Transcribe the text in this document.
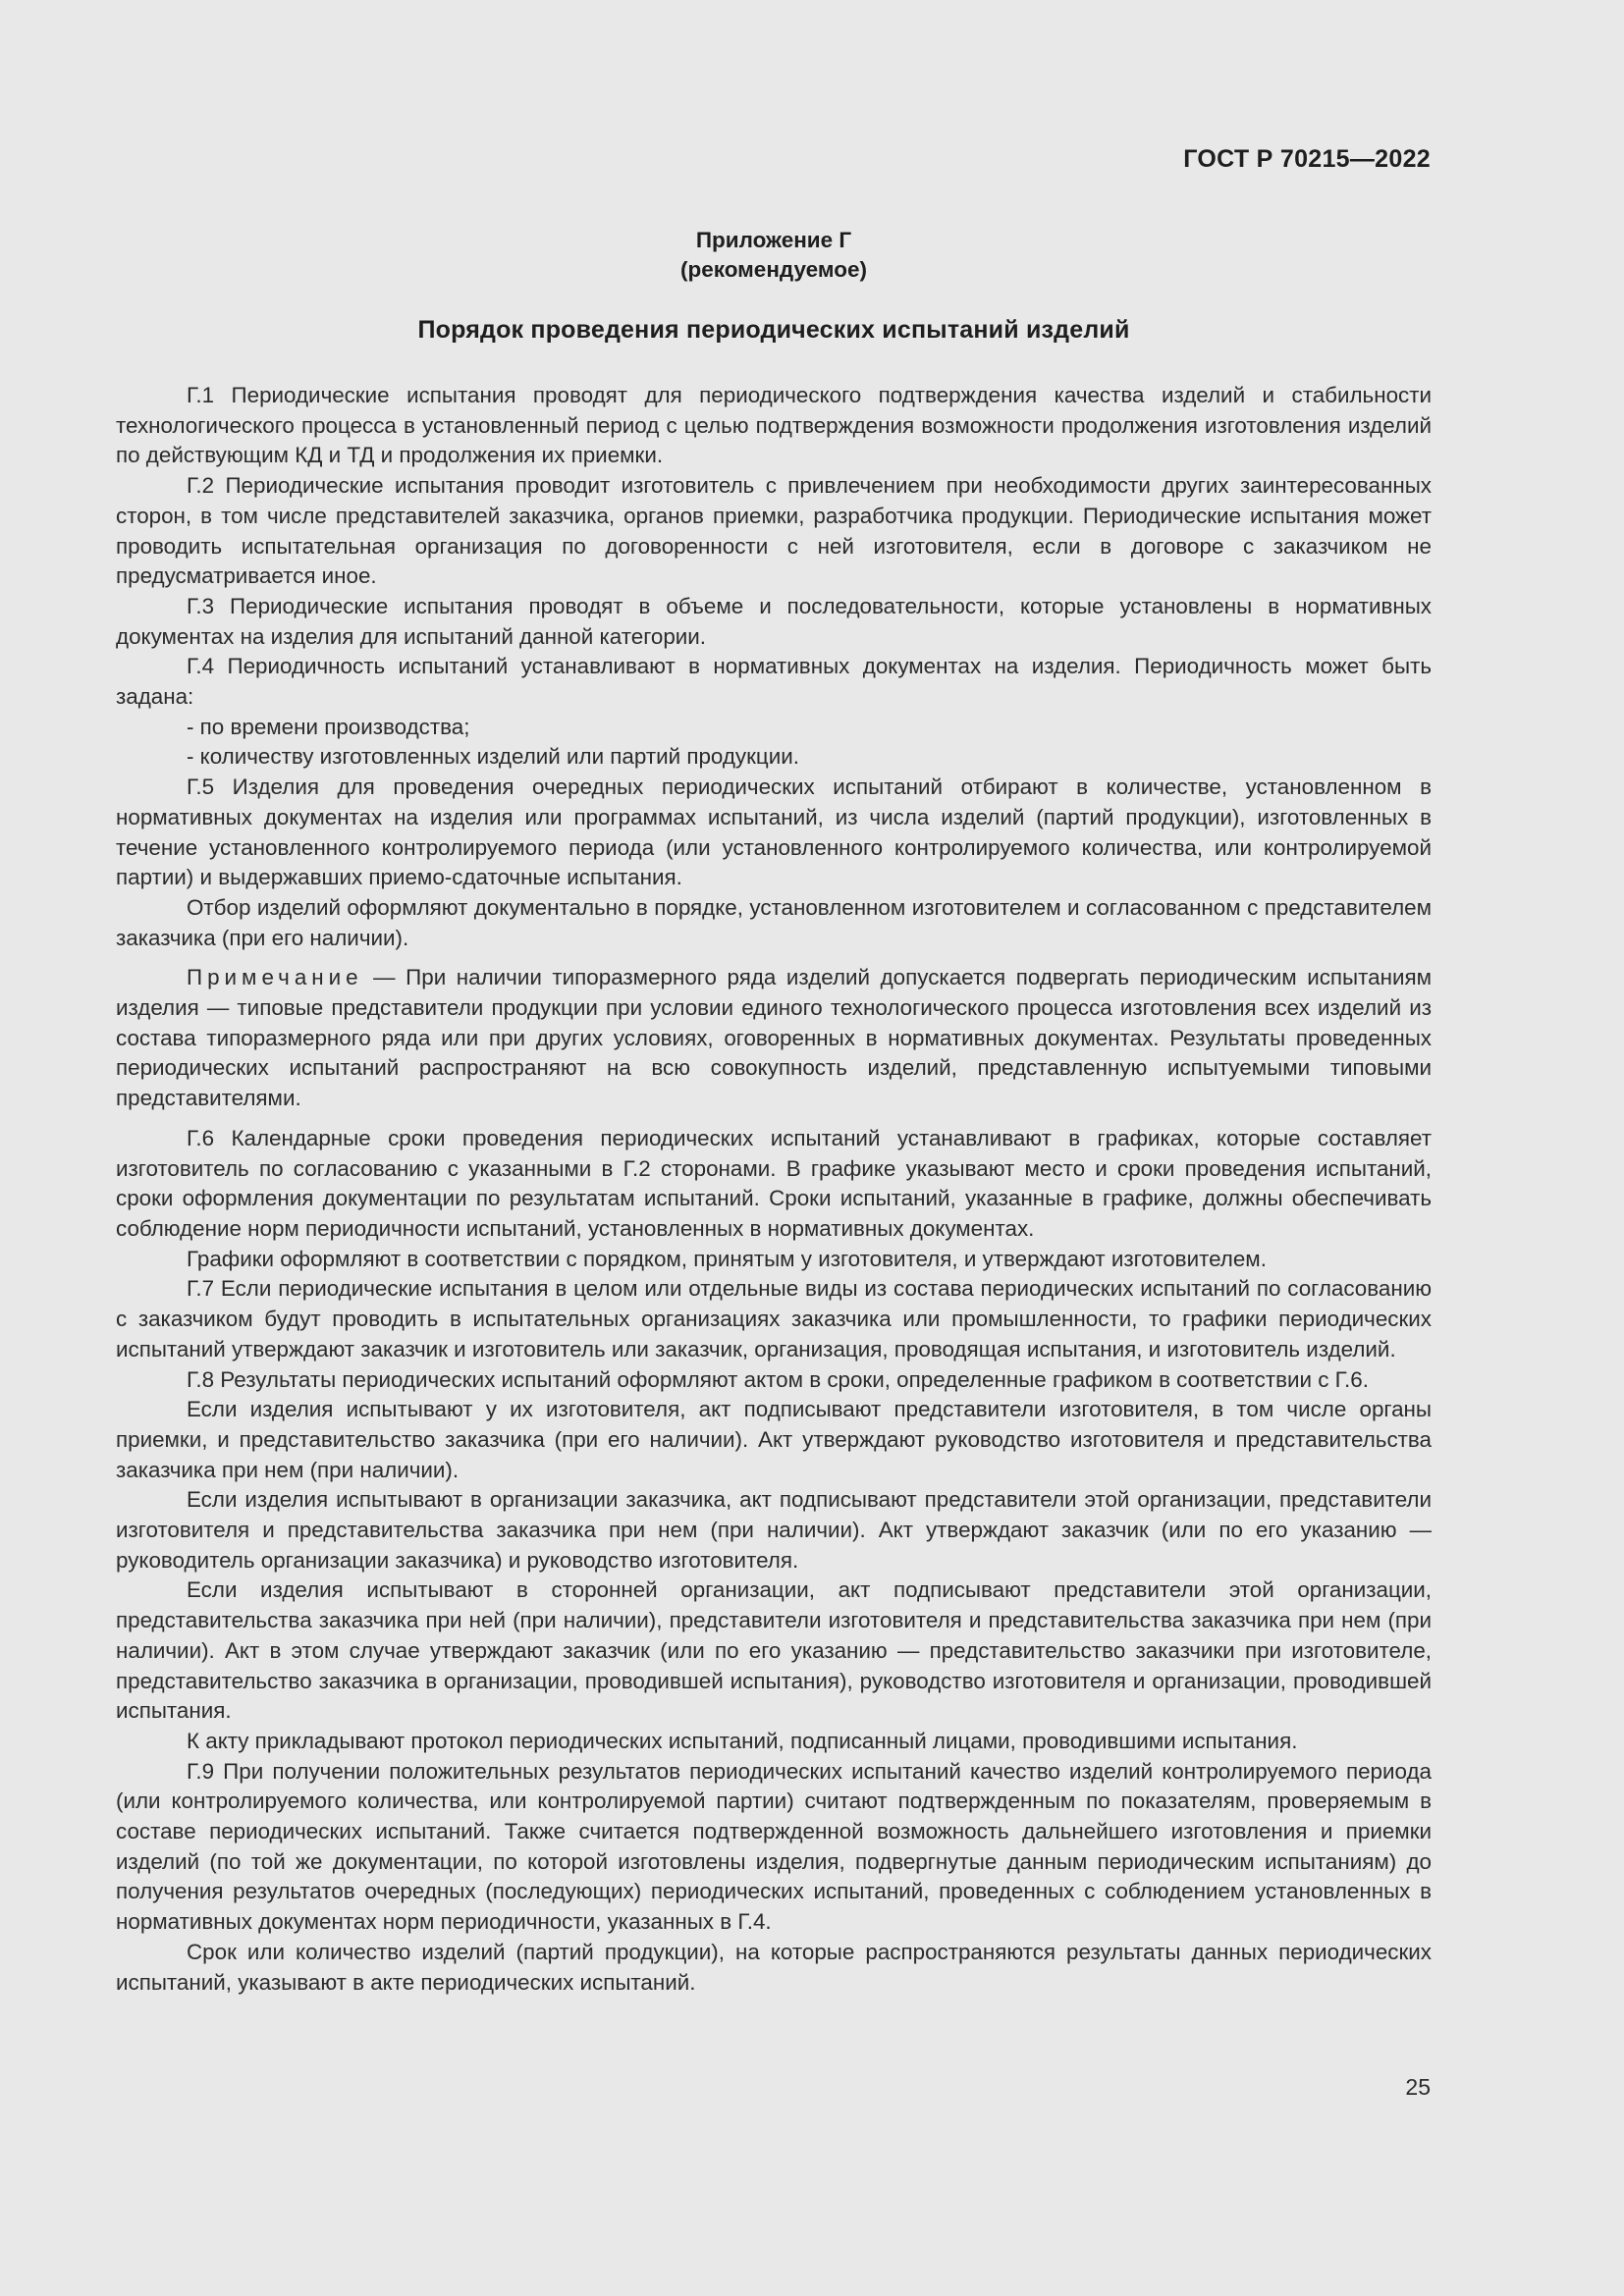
ГОСТ Р 70215—2022
Приложение Г
(рекомендуемое)
Порядок проведения периодических испытаний изделий

Г.1 Периодические испытания проводят для периодического подтверждения качества изделий и стабильности технологического процесса в установленный период с целью подтверждения возможности продолжения изготовления изделий по действующим КД и ТД и продолжения их приемки.

Г.2 Периодические испытания проводит изготовитель с привлечением при необходимости других заинтересованных сторон, в том числе представителей заказчика, органов приемки, разработчика продукции. Периодические испытания может проводить испытательная организация по договоренности с ней изготовителя, если в договоре с заказчиком не предусматривается иное.

Г.3 Периодические испытания проводят в объеме и последовательности, которые установлены в нормативных документах на изделия для испытаний данной категории.

Г.4 Периодичность испытаний устанавливают в нормативных документах на изделия. Периодичность может быть задана:

- по времени производства;

- количеству изготовленных изделий или партий продукции.

Г.5 Изделия для проведения очередных периодических испытаний отбирают в количестве, установленном в нормативных документах на изделия или программах испытаний, из числа изделий (партий продукции), изготовленных в течение установленного контролируемого периода (или установленного контролируемого количества, или контролируемой партии) и выдержавших приемо-сдаточные испытания.

Отбор изделий оформляют документально в порядке, установленном изготовителем и согласованном с представителем заказчика (при его наличии).

Примечание — При наличии типоразмерного ряда изделий допускается подвергать периодическим испытаниям изделия — типовые представители продукции при условии единого технологического процесса изготовления всех изделий из состава типоразмерного ряда или при других условиях, оговоренных в нормативных документах. Результаты проведенных периодических испытаний распространяют на всю совокупность изделий, представленную испытуемыми типовыми представителями.

Г.6 Календарные сроки проведения периодических испытаний устанавливают в графиках, которые составляет изготовитель по согласованию с указанными в Г.2 сторонами. В графике указывают место и сроки проведения испытаний, сроки оформления документации по результатам испытаний. Сроки испытаний, указанные в графике, должны обеспечивать соблюдение норм периодичности испытаний, установленных в нормативных документах.

Графики оформляют в соответствии с порядком, принятым у изготовителя, и утверждают изготовителем.

Г.7 Если периодические испытания в целом или отдельные виды из состава периодических испытаний по согласованию с заказчиком будут проводить в испытательных организациях заказчика или промышленности, то графики периодических испытаний утверждают заказчик и изготовитель или заказчик, организация, проводящая испытания, и изготовитель изделий.

Г.8 Результаты периодических испытаний оформляют актом в сроки, определенные графиком в соответствии с Г.6.

Если изделия испытывают у их изготовителя, акт подписывают представители изготовителя, в том числе органы приемки, и представительство заказчика (при его наличии). Акт утверждают руководство изготовителя и представительства заказчика при нем (при наличии).

Если изделия испытывают в организации заказчика, акт подписывают представители этой организации, представители изготовителя и представительства заказчика при нем (при наличии). Акт утверждают заказчик (или по его указанию — руководитель организации заказчика) и руководство изготовителя.

Если изделия испытывают в сторонней организации, акт подписывают представители этой организации, представительства заказчика при ней (при наличии), представители изготовителя и представительства заказчика при нем (при наличии). Акт в этом случае утверждают заказчик (или по его указанию — представительство заказчики при изготовителе, представительство заказчика в организации, проводившей испытания), руководство изготовителя и организации, проводившей испытания.

К акту прикладывают протокол периодических испытаний, подписанный лицами, проводившими испытания.

Г.9 При получении положительных результатов периодических испытаний качество изделий контролируемого периода (или контролируемого количества, или контролируемой партии) считают подтвержденным по показателям, проверяемым в составе периодических испытаний. Также считается подтвержденной возможность дальнейшего изготовления и приемки изделий (по той же документации, по которой изготовлены изделия, подвергнутые данным периодическим испытаниям) до получения результатов очередных (последующих) периодических испытаний, проведенных с соблюдением установленных в нормативных документах норм периодичности, указанных в Г.4.

Срок или количество изделий (партий продукции), на которые распространяются результаты данных периодических испытаний, указывают в акте периодических испытаний.

25
